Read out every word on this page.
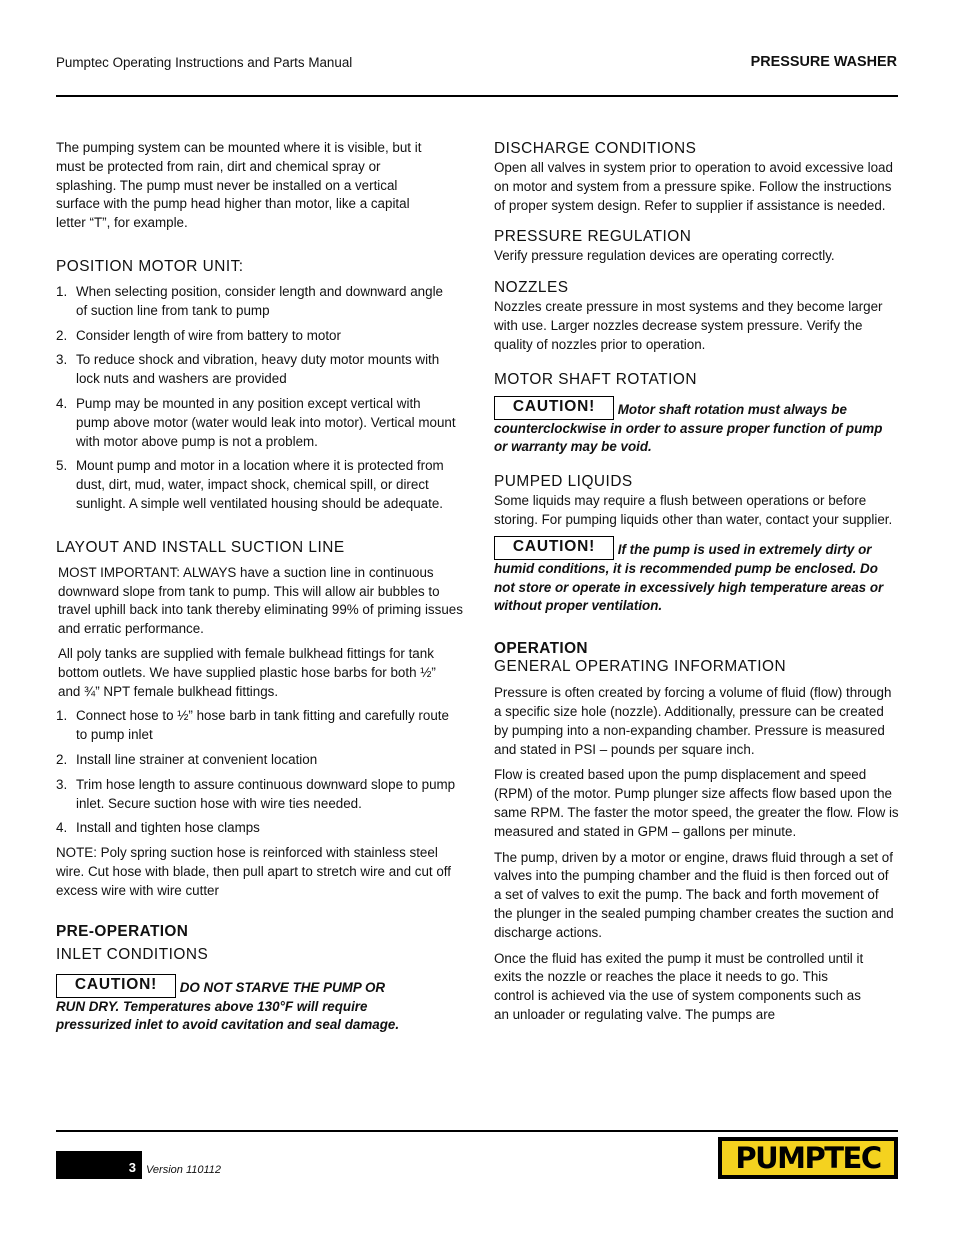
Pumptec Operating Instructions and Parts Manual	PRESSURE WASHER

The pumping system can be mounted where it is visible, but it must be protected from rain, dirt and chemical spray or splashing. The pump must never be installed on a vertical surface with the pump head higher than motor, like a capital letter “T”, for example.

POSITION MOTOR UNIT:
1. When selecting position, consider length and downward angle of suction line from tank to pump
2. Consider length of wire from battery to motor
3. To reduce shock and vibration, heavy duty motor mounts with lock nuts and washers are provided
4. Pump may be mounted in any position except vertical with pump above motor (water would leak into motor). Vertical mount with motor above pump is not a problem.
5. Mount pump and motor in a location where it is protected from dust, dirt, mud, water, impact shock, chemical spill, or direct sunlight. A simple well ventilated housing should be adequate.
LAYOUT AND INSTALL SUCTION LINE

MOST IMPORTANT: ALWAYS have a suction line in continuous downward slope from tank to pump. This will allow air bubbles to travel uphill back into tank thereby eliminating 99% of priming issues and erratic performance.

All poly tanks are supplied with female bulkhead fittings for tank bottom outlets. We have supplied plastic hose barbs for both ½” and ¾” NPT female bulkhead fittings.

1. Connect hose to ½” hose barb in tank fitting and carefully route to pump inlet
2. Install line strainer at convenient location
3. Trim hose length to assure continuous downward slope to pump inlet. Secure suction hose with wire ties needed.
4. Install and tighten hose clamps

NOTE: Poly spring suction hose is reinforced with stainless steel wire. Cut hose with blade, then pull apart to stretch wire and cut off excess wire with wire cutter

PRE-OPERATION
INLET CONDITIONS

CAUTION! DO NOT STARVE THE PUMP OR RUN DRY. Temperatures above 130°F will require pressurized inlet to avoid cavitation and seal damage.

DISCHARGE CONDITIONS

Open all valves in system prior to operation to avoid excessive load on motor and system from a pressure spike. Follow the instructions of proper system design. Refer to supplier if assistance is needed.

PRESSURE REGULATION

Verify pressure regulation devices are operating correctly.

NOZZLES

Nozzles create pressure in most systems and they become larger with use. Larger nozzles decrease system pressure. Verify the quality of nozzles prior to operation.

MOTOR SHAFT ROTATION

CAUTION! Motor shaft rotation must always be counterclockwise in order to assure proper function of pump or warranty may be void.

PUMPED LIQUIDS

Some liquids may require a flush between operations or before storing. For pumping liquids other than water, contact your supplier.

CAUTION! If the pump is used in extremely dirty or humid conditions, it is recommended pump be enclosed. Do not store or operate in excessively high temperature areas or without proper ventilation.

OPERATION
GENERAL OPERATING INFORMATION

Pressure is often created by forcing a volume of fluid (flow) through a specific size hole (nozzle). Additionally, pressure can be created by pumping into a non-expanding chamber. Pressure is measured and stated in PSI – pounds per square inch.

Flow is created based upon the pump displacement and speed (RPM) of the motor. Pump plunger size affects flow based upon the same RPM. The faster the motor speed, the greater the flow. Flow is measured and stated in GPM – gallons per minute.

The pump, driven by a motor or engine, draws fluid through a set of valves into the pumping chamber and the fluid is then forced out of a set of valves to exit the pump. The back and forth movement of the plunger in the sealed pumping chamber creates the suction and discharge actions.

Once the fluid has exited the pump it must be controlled until it exits the nozzle or reaches the place it needs to go. This control is achieved via the use of system components such as an unloader or regulating valve. The pumps are

3 Version 110112	PUMPTEC
